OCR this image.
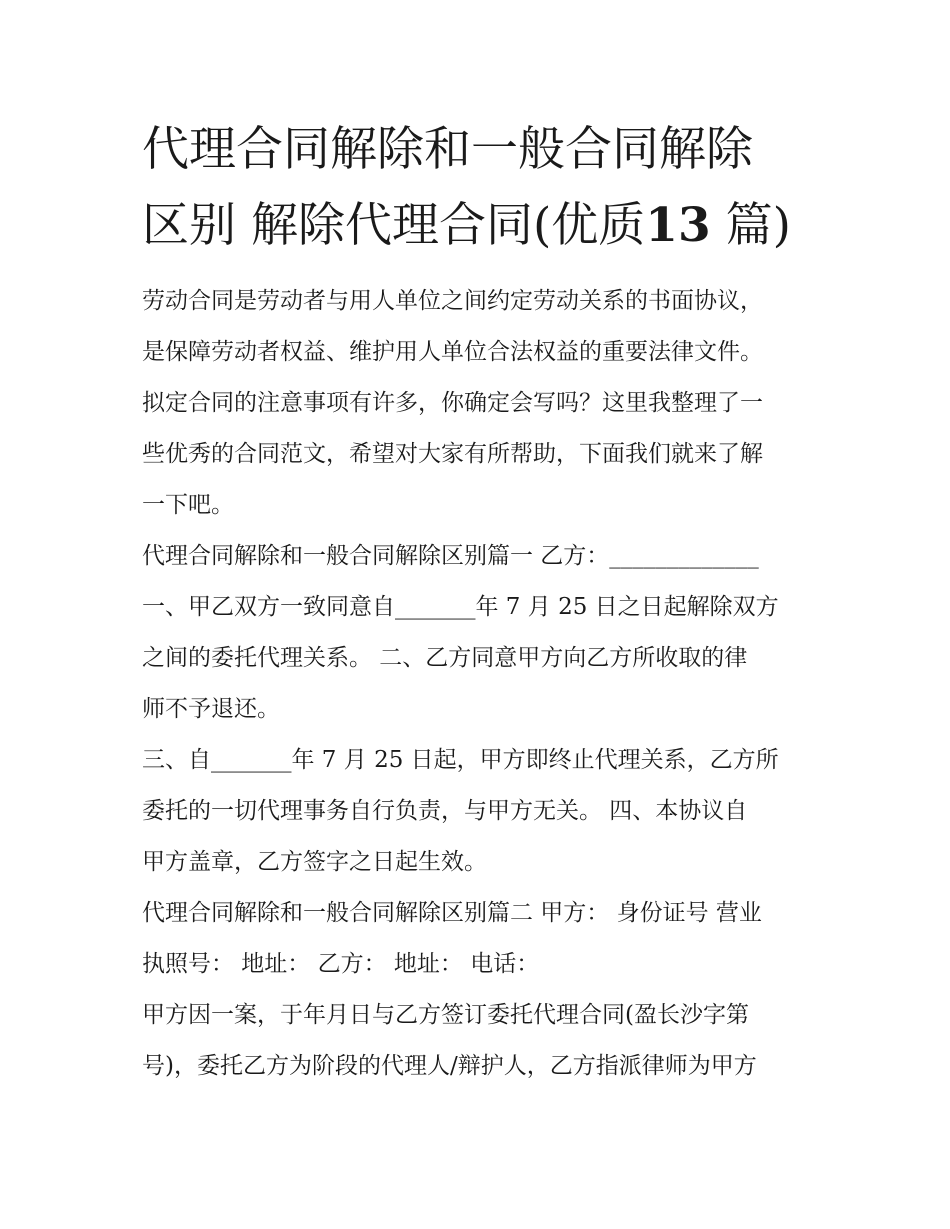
代理合同解除和一般合同解除
区别 解除代理合同(优质13 篇)
劳动合同是劳动者与用人单位之间约定劳动关系的书面协议，
是保障劳动者权益、维护用人单位合法权益的重要法律文件。
拟定合同的注意事项有许多，你确定会写吗？这里我整理了一
些优秀的合同范文，希望对大家有所帮助，下面我们就来了解
一下吧。
代理合同解除和一般合同解除区别篇一 乙方：_____________
一、甲乙双方一致同意自_______年 7 月 25 日之日起解除双方
之间的委托代理关系。 二、乙方同意甲方向乙方所收取的律
师不予退还。
三、自_______年 7 月 25 日起，甲方即终止代理关系，乙方所
委托的一切代理事务自行负责，与甲方无关。 四、本协议自
甲方盖章，乙方签字之日起生效。
代理合同解除和一般合同解除区别篇二 甲方： 身份证号 营业
执照号： 地址： 乙方： 地址： 电话：
甲方因一案，于年月日与乙方签订委托代理合同(盈长沙字第
号)，委托乙方为阶段的代理人/辩护人，乙方指派律师为甲方
